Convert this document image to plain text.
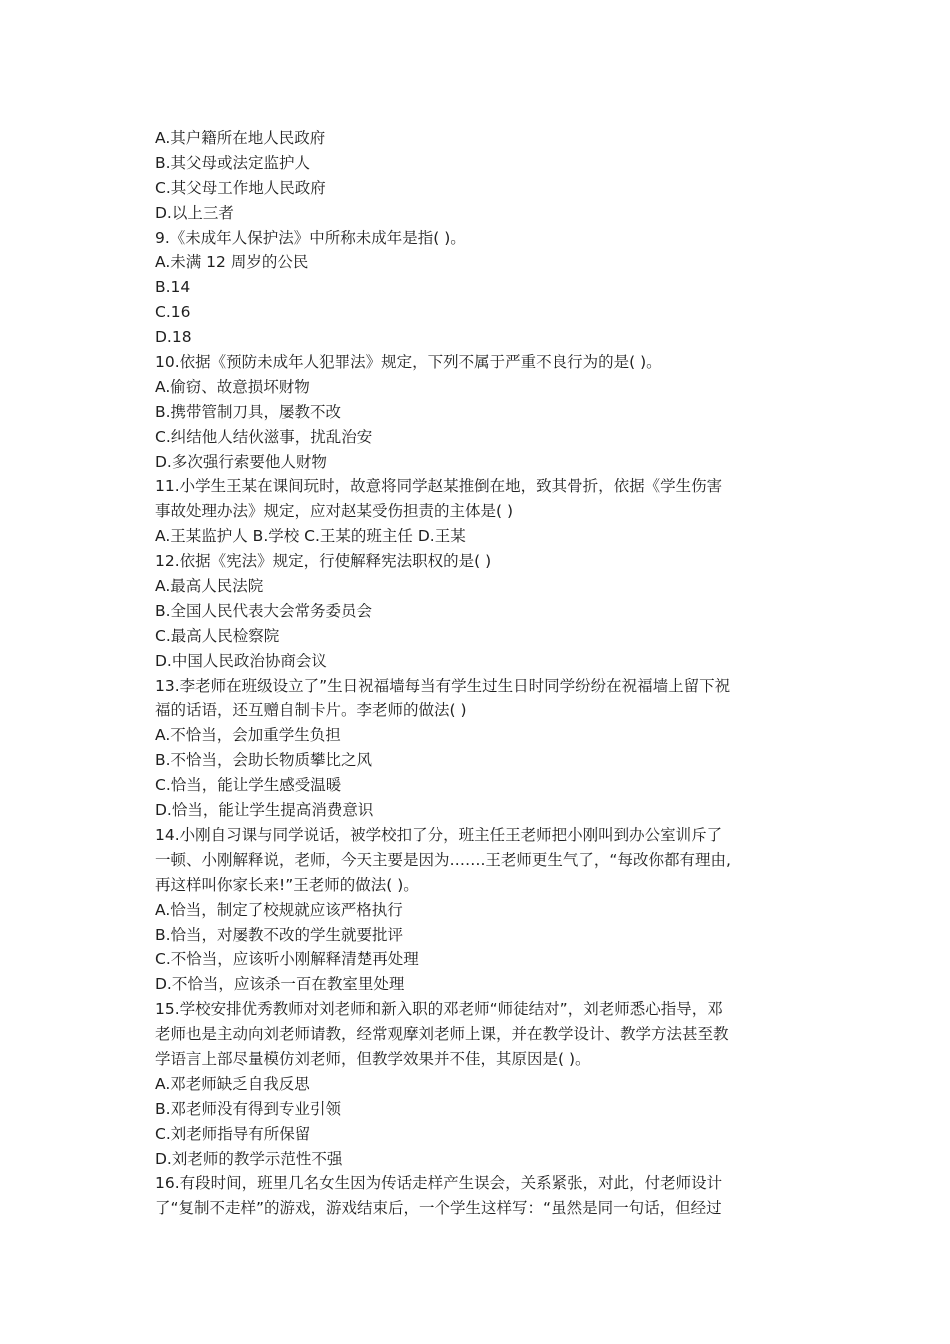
A.其户籍所在地人民政府
B.其父母或法定监护人
C.其父母工作地人民政府
D.以上三者
9.《未成年人保护法》中所称未成年是指( )。
A.未满 12 周岁的公民
B.14
C.16
D.18
10.依据《预防未成年人犯罪法》规定，下列不属于严重不良行为的是( )。
A.偷窃、故意损坏财物
B.携带管制刀具，屡教不改
C.纠结他人结伙滋事，扰乱治安
D.多次强行索要他人财物
11.小学生王某在课间玩时，故意将同学赵某推倒在地，致其骨折，依据《学生伤害
事故处理办法》规定，应对赵某受伤担责的主体是( )
A.王某监护人 B.学校 C.王某的班主任 D.王某
12.依据《宪法》规定，行使解释宪法职权的是( )
A.最高人民法院
B.全国人民代表大会常务委员会
C.最高人民检察院
D.中国人民政治协商会议
13.李老师在班级设立了”生日祝福墙每当有学生过生日时同学纷纷在祝福墙上留下祝
福的话语，还互赠自制卡片。李老师的做法( )
A.不恰当，会加重学生负担
B.不恰当，会助长物质攀比之风
C.恰当，能让学生感受温暖
D.恰当，能让学生提高消费意识
14.小刚自习课与同学说话，被学校扣了分，班主任王老师把小刚叫到办公室训斥了
一顿、小刚解释说，老师，今天主要是因为…….王老师更生气了，“每改你都有理由,
再这样叫你家长来!”王老师的做法( )。
A.恰当，制定了校规就应该严格执行
B.恰当，对屡教不改的学生就要批评
C.不恰当，应该听小刚解释清楚再处理
D.不恰当，应该杀一百在教室里处理
15.学校安排优秀教师对刘老师和新入职的邓老师“师徒结对”，刘老师悉心指导，邓
老师也是主动向刘老师请教，经常观摩刘老师上课，并在教学设计、教学方法甚至教
学语言上部尽量模仿刘老师，但教学效果并不佳，其原因是( )。
A.邓老师缺乏自我反思
B.邓老师没有得到专业引领
C.刘老师指导有所保留
D.刘老师的教学示范性不强
16.有段时间，班里几名女生因为传话走样产生误会，关系紧张，对此，付老师设计
了“复制不走样”的游戏，游戏结束后，一个学生这样写：“虽然是同一句话，但经过
